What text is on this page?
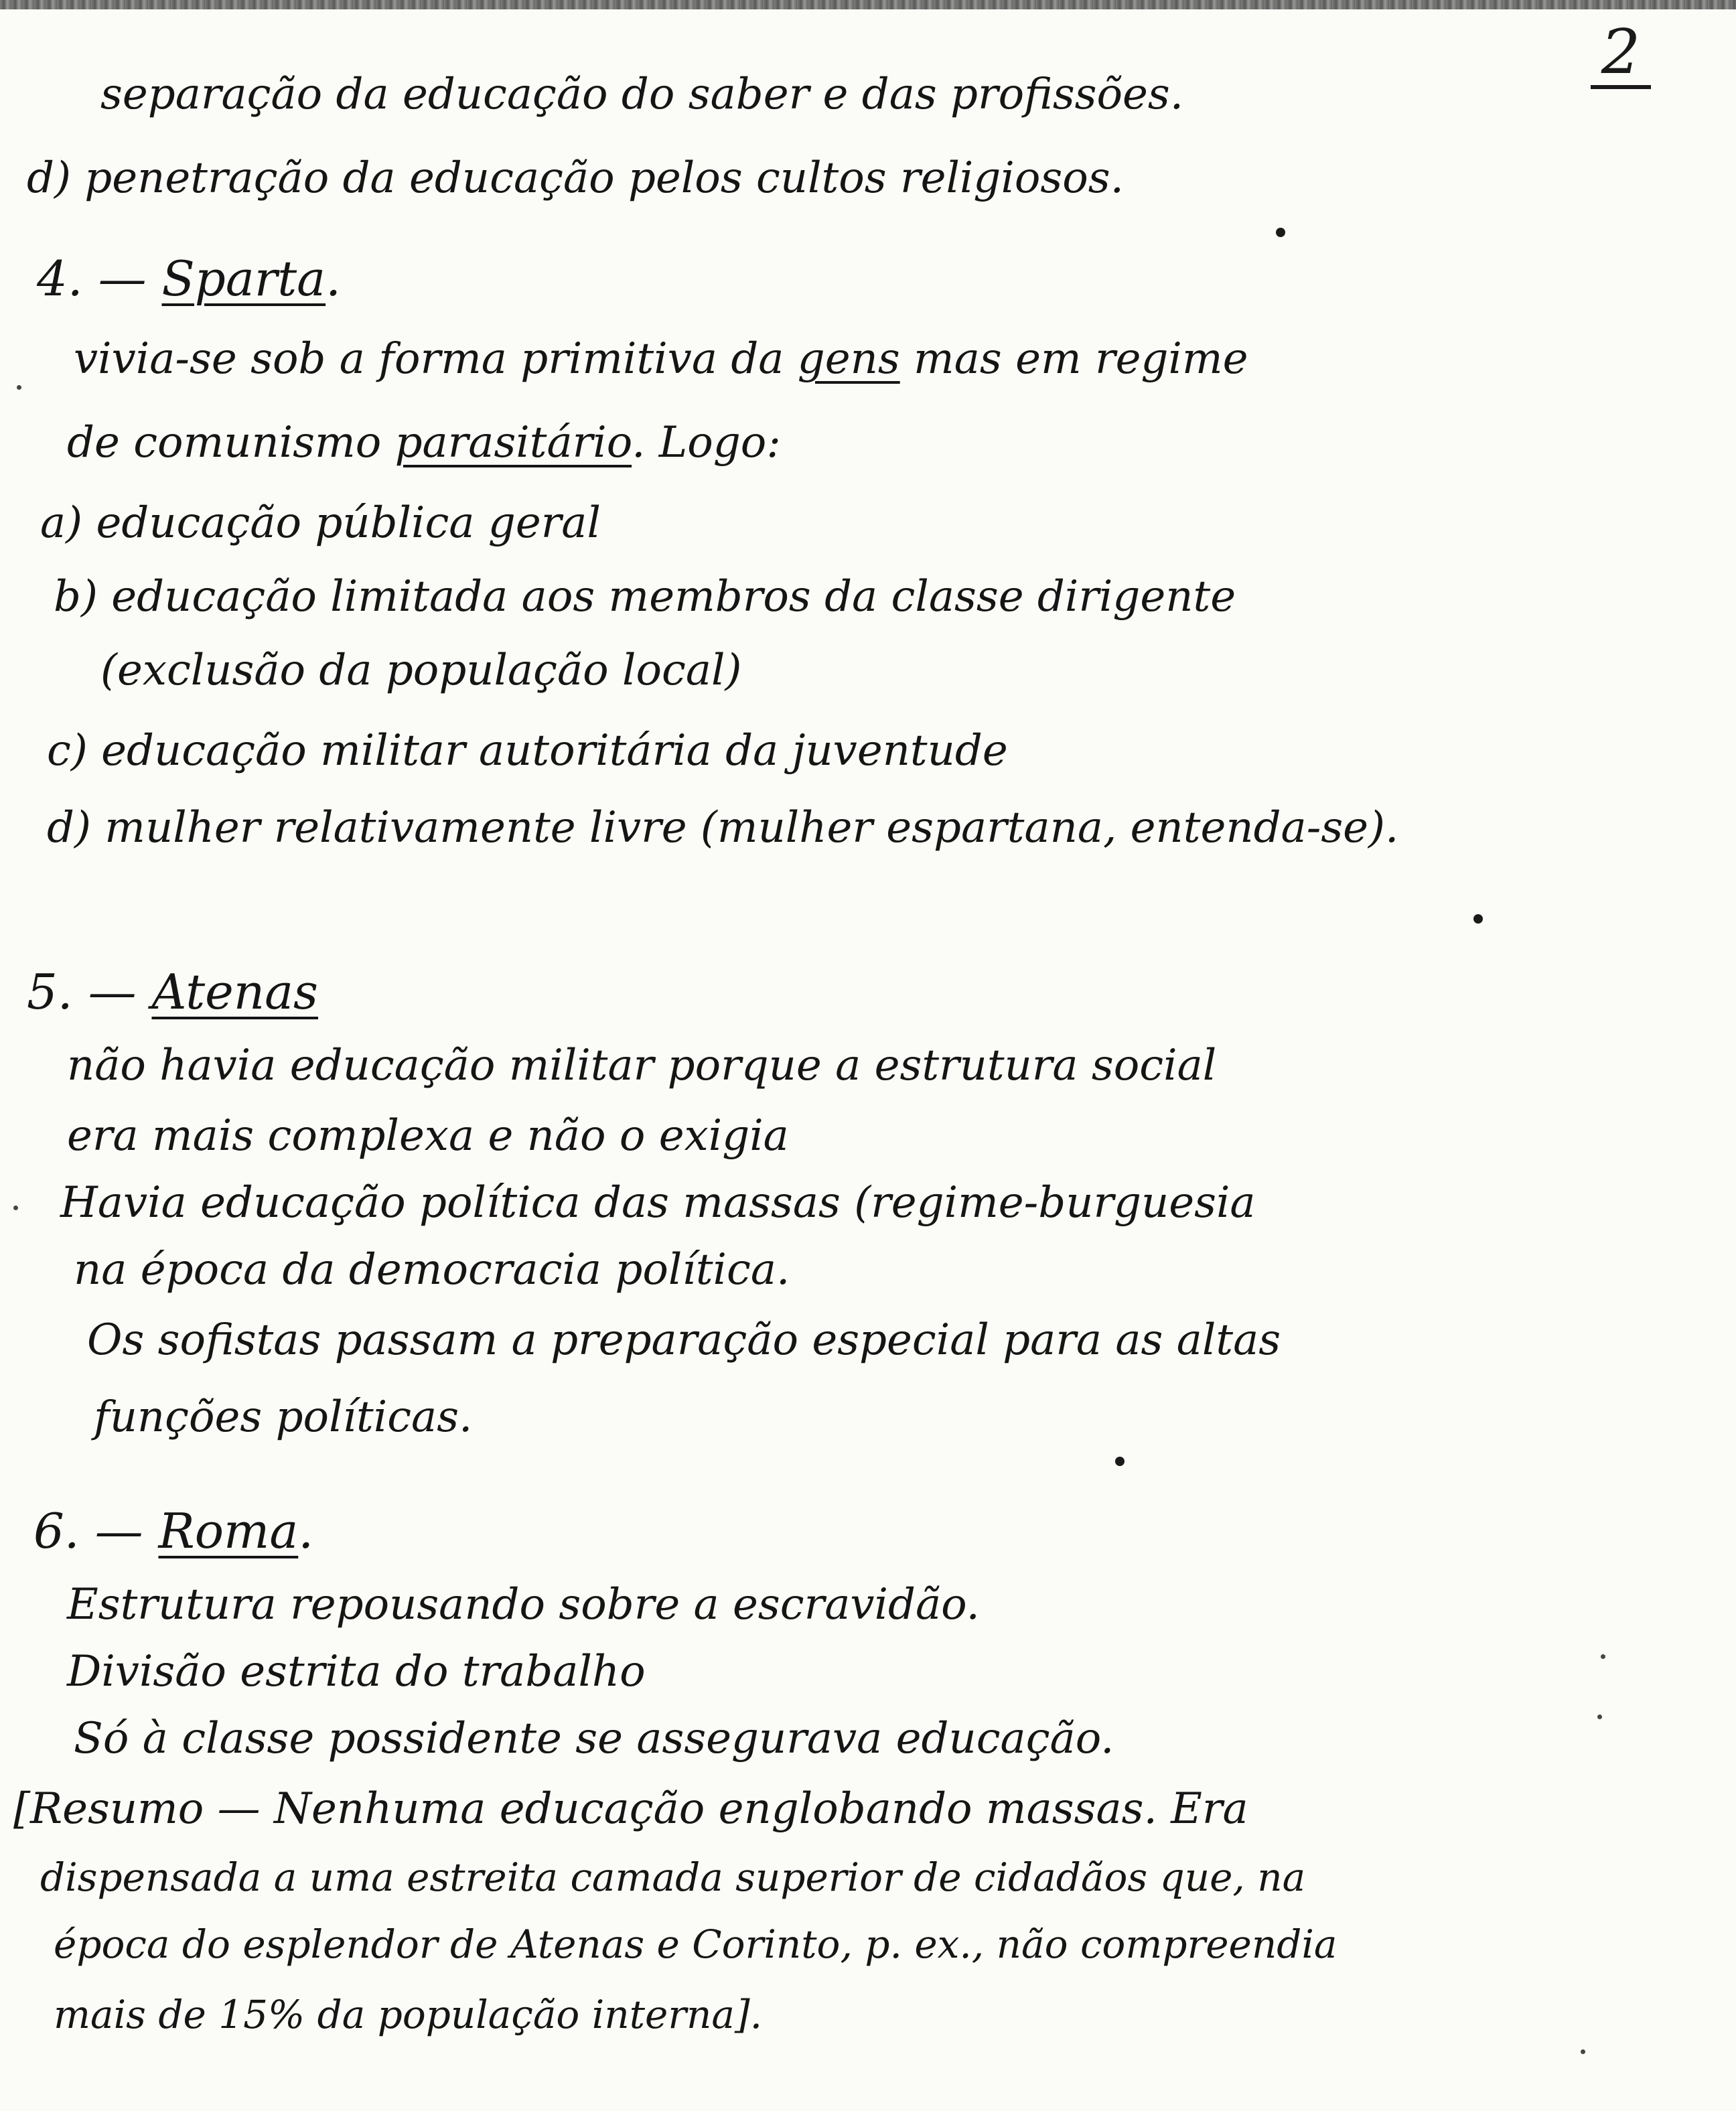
2
separação da educação do saber e das profissões.
d) penetração da educação pelos cultos religiosos.
4. — Sparta.
vivia-se sob a forma primitiva da gens mas em regime
de comunismo parasitário. Logo:
a) educação pública geral
b) educação limitada aos membros da classe dirigente
(exclusão da população local)
c) educação militar autoritária da juventude
d) mulher relativamente livre (mulher espartana, entenda-se).
5. — Atenas
não havia educação militar porque a estrutura social
era mais complexa e não o exigia
Havia educação política das massas (regime-burguesia
na época da democracia política.
Os sofistas passam a preparação especial para as altas
funções políticas.
6. — Roma.
Estrutura repousando sobre a escravidão.
Divisão estrita do trabalho
Só à classe possidente se assegurava educação.
[Resumo — Nenhuma educação englobando massas. Era
dispensada a uma estreita camada superior de cidadãos que, na
época do esplendor de Atenas e Corinto, p. ex., não compreendia
mais de 15% da população interna].
